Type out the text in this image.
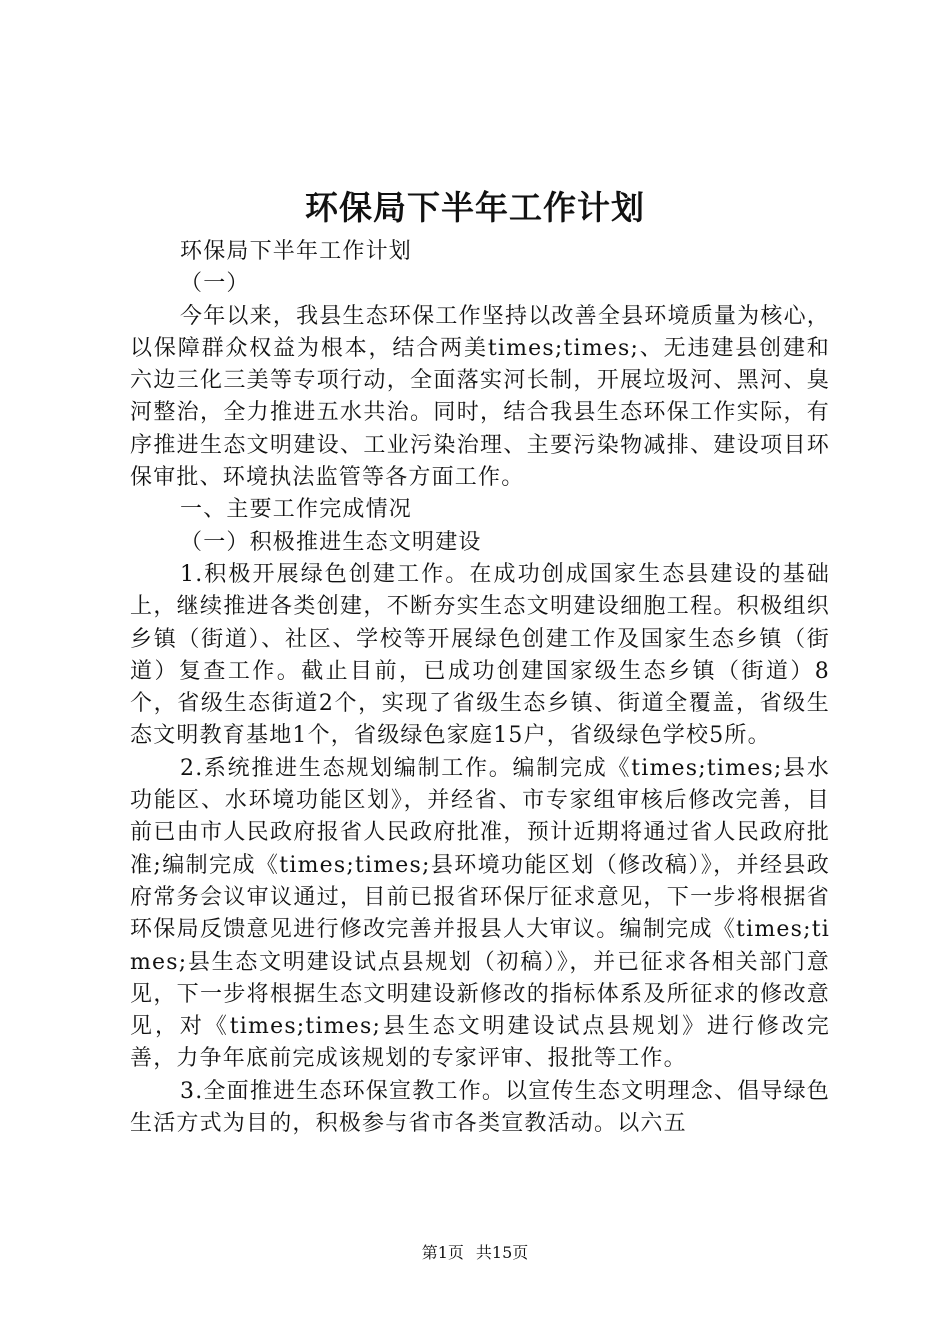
环保局下半年工作计划

环保局下半年工作计划

（一）

今年以来，我县生态环保工作坚持以改善全县环境质量为核心，以保障群众权益为根本，结合两美times;times;、无违建县创建和六边三化三美等专项行动，全面落实河长制，开展垃圾河、黑河、臭河整治，全力推进五水共治。同时，结合我县生态环保工作实际，有序推进生态文明建设、工业污染治理、主要污染物减排、建设项目环保审批、环境执法监管等各方面工作。

一、主要工作完成情况

（一）积极推进生态文明建设

1.积极开展绿色创建工作。在成功创成国家生态县建设的基础上，继续推进各类创建，不断夯实生态文明建设细胞工程。积极组织乡镇（街道）、社区、学校等开展绿色创建工作及国家生态乡镇（街道）复查工作。截止目前，已成功创建国家级生态乡镇（街道）8个，省级生态街道2个，实现了省级生态乡镇、街道全覆盖，省级生态文明教育基地1个，省级绿色家庭15户，省级绿色学校5所。

2.系统推进生态规划编制工作。编制完成《times;times;县水功能区、水环境功能区划》，并经省、市专家组审核后修改完善，目前已由市人民政府报省人民政府批准，预计近期将通过省人民政府批准;编制完成《times;times;县环境功能区划（修改稿）》，并经县政府常务会议审议通过，目前已报省环保厅征求意见，下一步将根据省环保局反馈意见进行修改完善并报县人大审议。编制完成《times;times;县生态文明建设试点县规划（初稿）》，并已征求各相关部门意见，下一步将根据生态文明建设新修改的指标体系及所征求的修改意见，对《times;times;县生态文明建设试点县规划》进行修改完善，力争年底前完成该规划的专家评审、报批等工作。

3.全面推进生态环保宣教工作。以宣传生态文明理念、倡导绿色生活方式为目的，积极参与省市各类宣教活动。以六五

第1页 共15页
